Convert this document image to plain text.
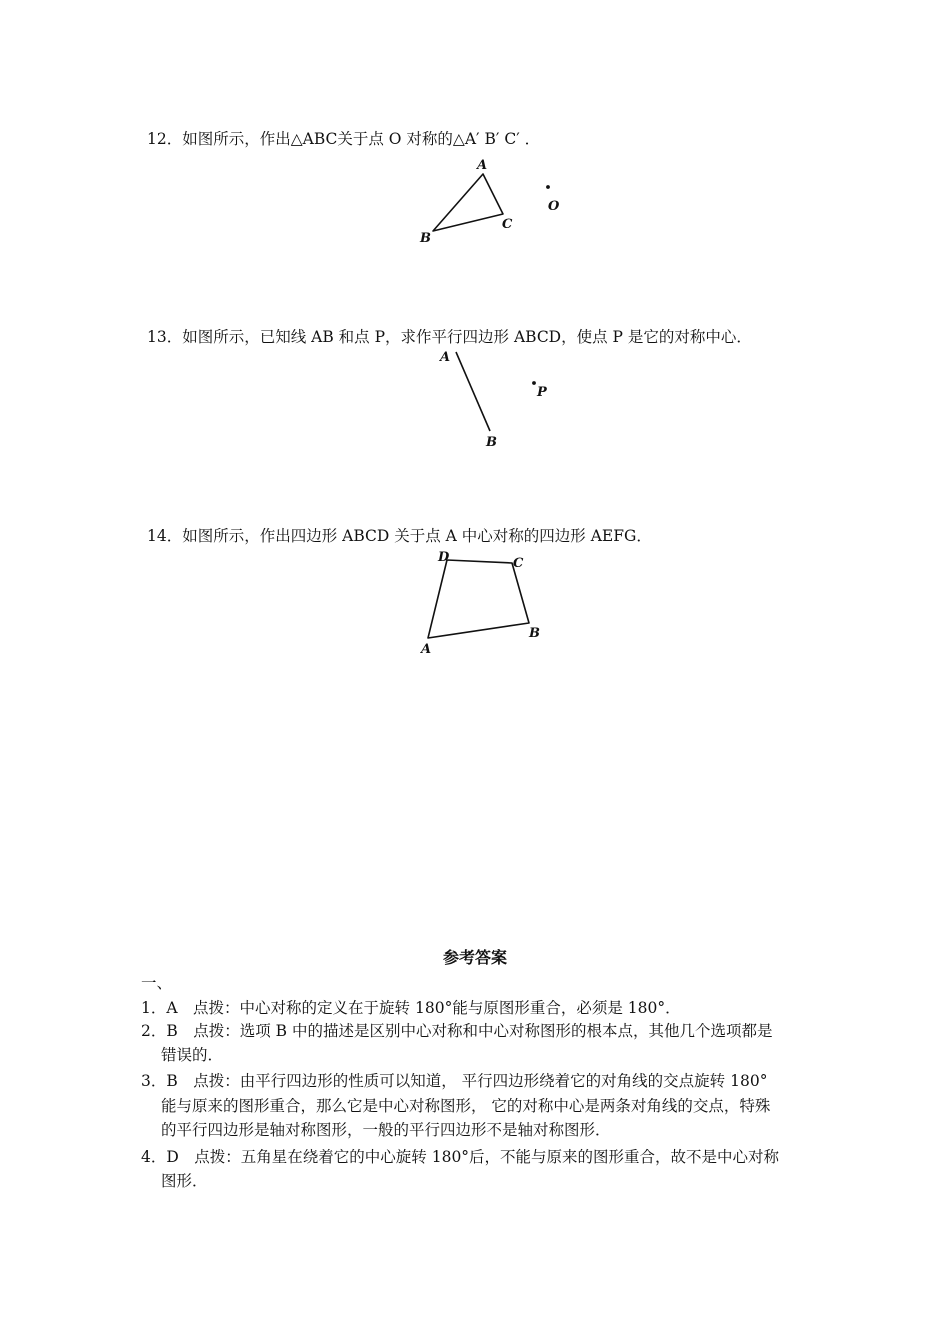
12．如图所示，作出△ABC关于点 O 对称的△A′ B′ C′ ．
A
B
C
O
13．如图所示，已知线 AB 和点 P，求作平行四边形 ABCD，使点 P 是它的对称中心．
A
B
P
14．如图所示，作出四边形 ABCD 关于点 A 中心对称的四边形 AEFG．
D	C
B
A
参考答案
一、
1．A　点拨：中心对称的定义在于旋转 180°能与原图形重合，必须是 180°．
2．B　点拨：选项 B 中的描述是区别中心对称和中心对称图形的根本点，其他几个选项都是
错误的．
3．B　点拨：由平行四边形的性质可以知道， 平行四边形绕着它的对角线的交点旋转 180°
能与原来的图形重合，那么它是中心对称图形， 它的对称中心是两条对角线的交点，特殊
的平行四边形是轴对称图形，一般的平行四边形不是轴对称图形．
4．D　点拨：五角星在绕着它的中心旋转 180°后，不能与原来的图形重合，故不是中心对称
图形．
